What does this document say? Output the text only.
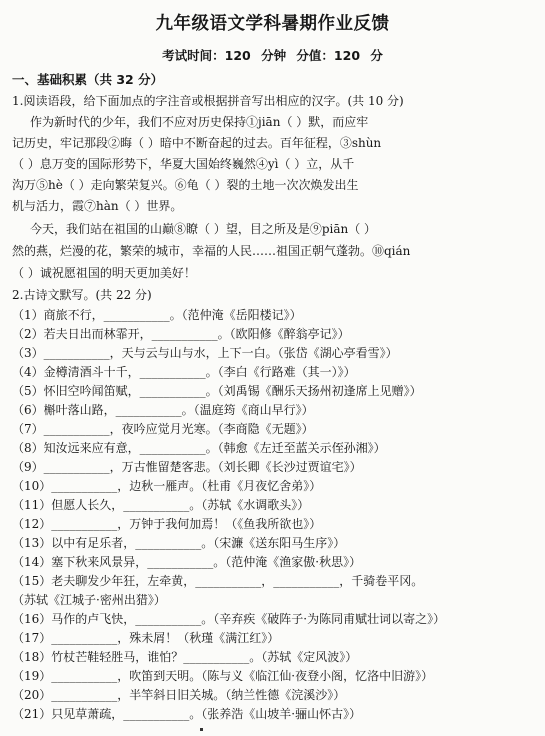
九年级语文学科暑期作业反馈
考试时间：120 分钟 分值：120 分
一、基础积累（共 32 分）
1.阅读语段，给下面加点的字注音或根据拼音写出相应的汉字。(共 10 分)
作为新时代的少年，我们不应对历史保持①jiān（ ）默，而应牢
记历史，牢记那段②晦（ ）暗中不断奋起的过去。百年征程，③shùn
（ ）息万变的国际形势下，华夏大国始终巍然④yì（ ）立，从千
沟万⑤hè（ ）走向繁荣复兴。⑥龟（ ）裂的土地一次次焕发出生
机与活力，霞⑦hàn（ ）世界。
今天，我们站在祖国的山巅⑧瞭（ ）望，目之所及是⑨piān（ ）
然的燕，烂漫的花，繁荣的城市，幸福的人民……祖国正朝气蓬勃。⑩qián
（ ）诚祝愿祖国的明天更加美好！
2.古诗文默写。(共 22 分)
（1）商旅不行，___________。（范仲淹《岳阳楼记》）
（2）若夫日出而林霏开，___________。（欧阳修《醉翁亭记》）
（3）___________，天与云与山与水，上下一白。（张岱《湖心亭看雪》）
（4）金樽清酒斗十千，___________。（李白《行路难（其一）》）
（5）怀旧空吟闻笛赋，___________。（刘禹锡《酬乐天扬州初逢席上见赠》）
（6）槲叶落山路，___________。（温庭筠《商山早行》）
（7）___________，夜吟应觉月光寒。（李商隐《无题》）
（8）知汝远来应有意，___________。（韩愈《左迁至蓝关示侄孙湘》）
（9）___________，万古惟留楚客悲。（刘长卿《长沙过贾谊宅》）
（10）___________，边秋一雁声。（杜甫《月夜忆舍弟》）
（11）但愿人长久，___________。（苏轼《水调歌头》）
（12）___________，万钟于我何加焉！（《鱼我所欲也》）
（13）以中有足乐者，___________。（宋濂《送东阳马生序》）
（14）塞下秋来风景异，___________。（范仲淹《渔家傲·秋思》）
（15）老夫聊发少年狂，左牵黄，___________，___________，千骑卷平冈。
（苏轼《江城子·密州出猎》）
（16）马作的卢飞快，___________。（辛弃疾《破阵子·为陈同甫赋壮词以寄之》）
（17）___________，殊未屑！（秋瑾《满江红》）
（18）竹杖芒鞋轻胜马，谁怕？___________。（苏轼《定风波》）
（19）___________，吹笛到天明。（陈与义《临江仙·夜登小阁，忆洛中旧游》）
（20）___________，半竿斜日旧关城。（纳兰性德《浣溪沙》）
（21）只见草萧疏，___________。（张养浩《山坡羊·骊山怀古》）
